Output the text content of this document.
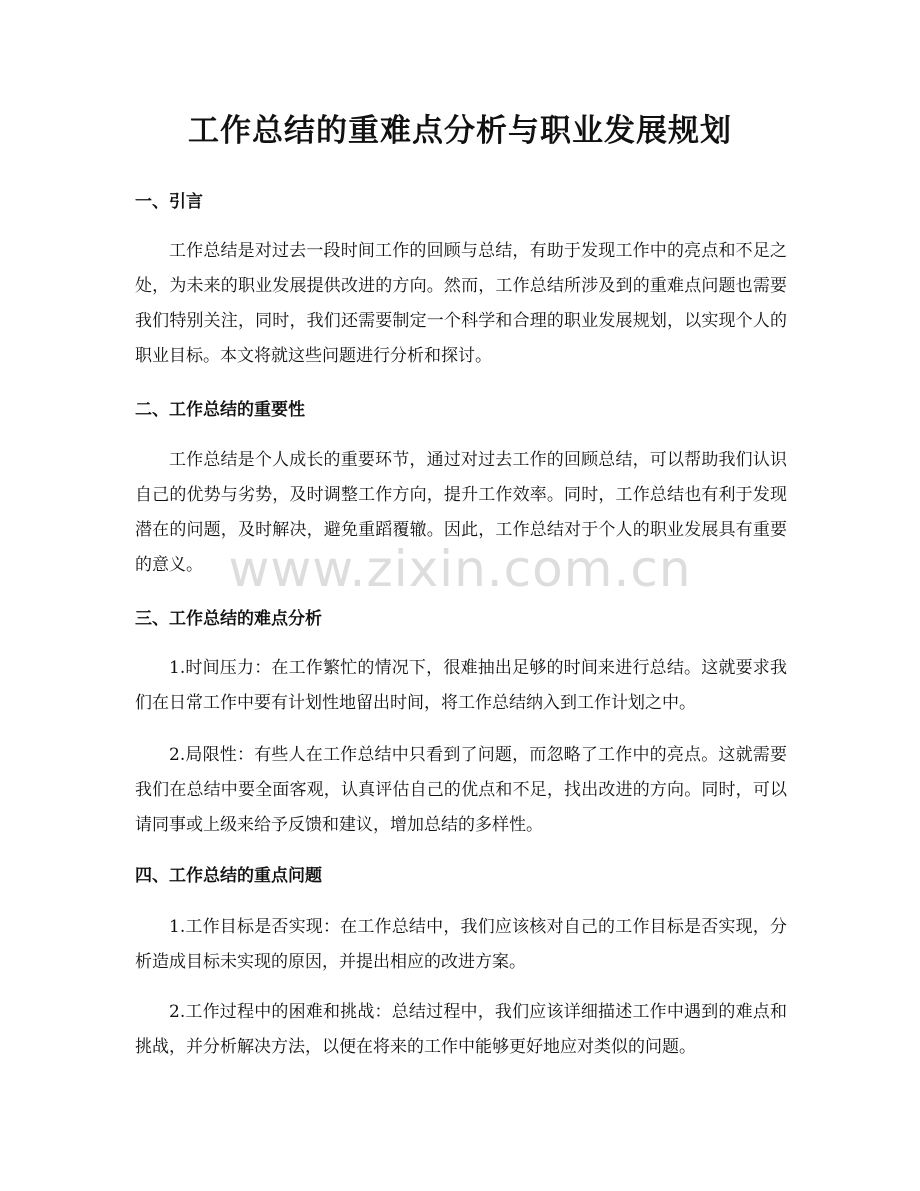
工作总结的重难点分析与职业发展规划
一、引言

工作总结是对过去一段时间工作的回顾与总结，有助于发现工作中的亮点和不足之处，为未来的职业发展提供改进的方向。然而，工作总结所涉及到的重难点问题也需要我们特别关注，同时，我们还需要制定一个科学和合理的职业发展规划，以实现个人的职业目标。本文将就这些问题进行分析和探讨。

二、工作总结的重要性

工作总结是个人成长的重要环节，通过对过去工作的回顾总结，可以帮助我们认识自己的优势与劣势，及时调整工作方向，提升工作效率。同时，工作总结也有利于发现潜在的问题，及时解决，避免重蹈覆辙。因此，工作总结对于个人的职业发展具有重要的意义。

三、工作总结的难点分析

1.时间压力：在工作繁忙的情况下，很难抽出足够的时间来进行总结。这就要求我们在日常工作中要有计划性地留出时间，将工作总结纳入到工作计划之中。

2.局限性：有些人在工作总结中只看到了问题，而忽略了工作中的亮点。这就需要我们在总结中要全面客观，认真评估自己的优点和不足，找出改进的方向。同时，可以请同事或上级来给予反馈和建议，增加总结的多样性。

四、工作总结的重点问题

1.工作目标是否实现：在工作总结中，我们应该核对自己的工作目标是否实现，分析造成目标未实现的原因，并提出相应的改进方案。

2.工作过程中的困难和挑战：总结过程中，我们应该详细描述工作中遇到的难点和挑战，并分析解决方法，以便在将来的工作中能够更好地应对类似的问题。

www.zixin.com.cn
